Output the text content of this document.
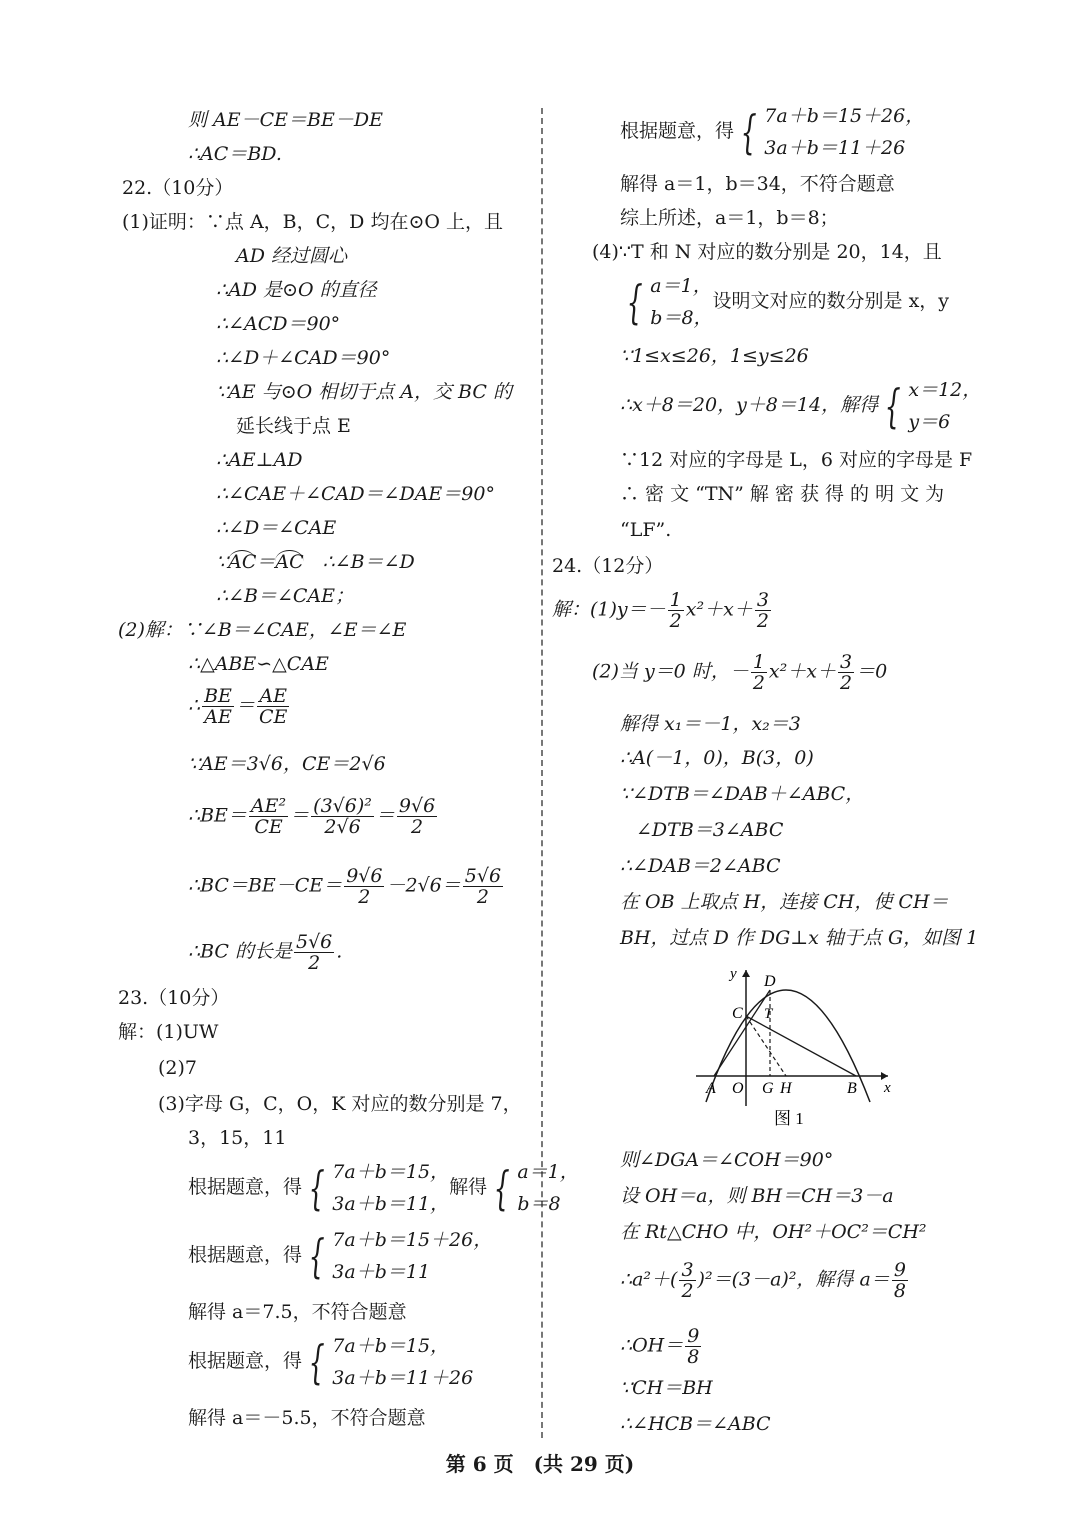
则 AE－CE＝BE－DE
∴AC＝BD.
22.（10分）
(1)证明：∵点 A，B，C，D 均在⊙O 上，且
AD 经过圆心
∴AD 是⊙O 的直径
∴∠ACD＝90°
∴∠D＋∠CAD＝90°
∵AE 与⊙O 相切于点 A，交 BC 的
延长线于点 E
∴AE⊥AD
∴∠CAE＋∠CAD＝∠DAE＝90°
∴∠D＝∠CAE
∵AC＝AC　∴∠B＝∠D
∴∠B＝∠CAE；
(2)解：∵∠B＝∠CAE，∠E＝∠E
∴△ABE∽△CAE
∴ $\frac{BE}{AE} = \frac{AE}{CE}$
∵AE＝3√6，CE＝2√6
∴BE＝ $\frac{\text{AE²}}{CE} = \frac{\text{(3√6)²}}{2√6} = \frac{9√6}{2}$
∴BC＝BE－CE＝ $\frac{9√6}{2} -2√6= \frac{5√6}{2}$
∴BC 的长是 $\frac{5√6}{2}$ .
23.（10分）
解：(1)UW
(2)7
(3)字母 G，C，O，K 对应的数分别是 7，
3，15，11
根据题意，得 { 7a＋b＝15，
3a＋b＝11，
解得 { a＝1，
b＝8
根据题意，得 { 7a＋b＝15＋26，
3a＋b＝11
解得 a＝7.5，不符合题意
根据题意，得 { 7a＋b＝15，
3a＋b＝11＋26
解得 a＝－5.5，不符合题意
根据题意，得 { 7a＋b＝15＋26，
3a＋b＝11＋26
解得 a＝1，b＝34，不符合题意
综上所述，a＝1，b＝8；
(4)∵T 和 N 对应的数分别是 20，14，且
{ a＝1，
b＝8，
设明文对应的数分别是 x，y
∵1≤x≤26，1≤y≤26
∴x＋8＝20，y＋8＝14，解得 { x＝12，
y＝6
∵12 对应的字母是 L，6 对应的字母是 F
∴ 密 文 “TN” 解 密 获 得 的 明 文 为
“LF”.
24.（12分）
解：$(1)y=- \frac{1}{2} x^2+x+ \frac{3}{2}$
(2)当 y＝0 时，－ $\frac{1}{2} x^2+x+ \frac{3}{2} =0$
解得 x₁＝－1，x₂＝3
∴A(－1，0)，B(3，0)
∵∠DTB＝∠DAB＋∠ABC，
∠DTB＝3∠ABC
∴∠DAB＝2∠ABC
在 OB 上取点 H，连接 CH，使 CH＝
BH，过点 D 作 DG⊥x 轴于点 G，如图 1
则∠DGA＝∠COH＝90°
设 OH＝a，则 BH＝CH＝3－a
在 Rt△CHO 中，OH²＋OC²＝CH²
∴a²＋( $\frac{3}{2} )^2=(3-a)^2$，解得 $a= \frac{9}{8}$
∴OH＝ $\frac{9}{8}$
∵CH＝BH
∴∠HCB＝∠ABC
y
x
A O G H	B
C
D
T
图 1
第 6 页　(共 29 页)
